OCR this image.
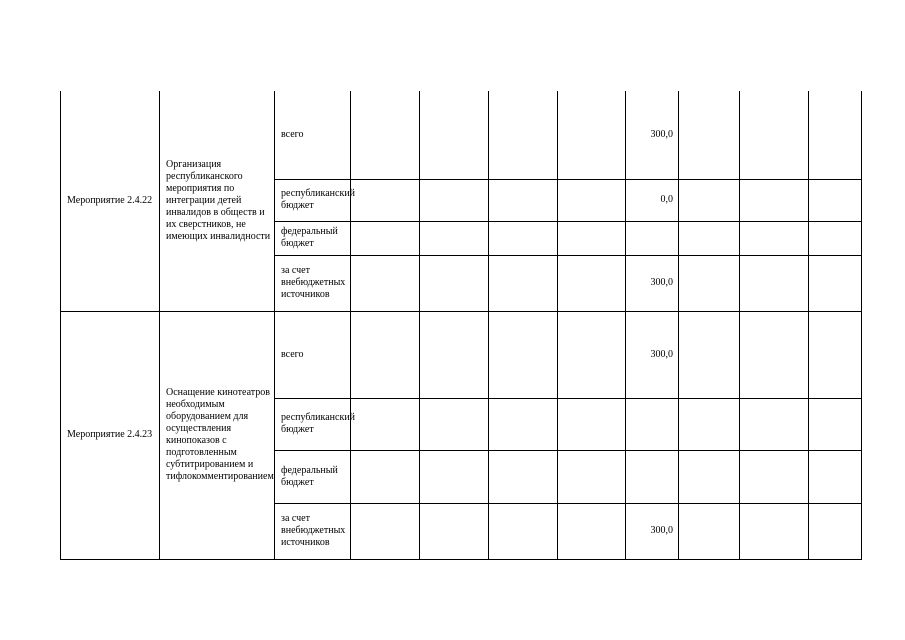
Мероприятие 2.4.22	Организация республиканского мероприятия по интеграции детей инвалидов в обществ и их сверстников, не имеющих инвалидности	всего					300,0			
		республиканский бюджет					0,0			
		федеральный бюджет								
		за счет внебюджетных источников					300,0			
Мероприятие 2.4.23	Оснащение кинотеатров необходимым оборудованием для осуществления кинопоказов с подготовленным субтитрированием и тифлокомментированием	всего					300,0			
		республиканский бюджет								
		федеральный бюджет								
		за счет внебюджетных источников					300,0			
